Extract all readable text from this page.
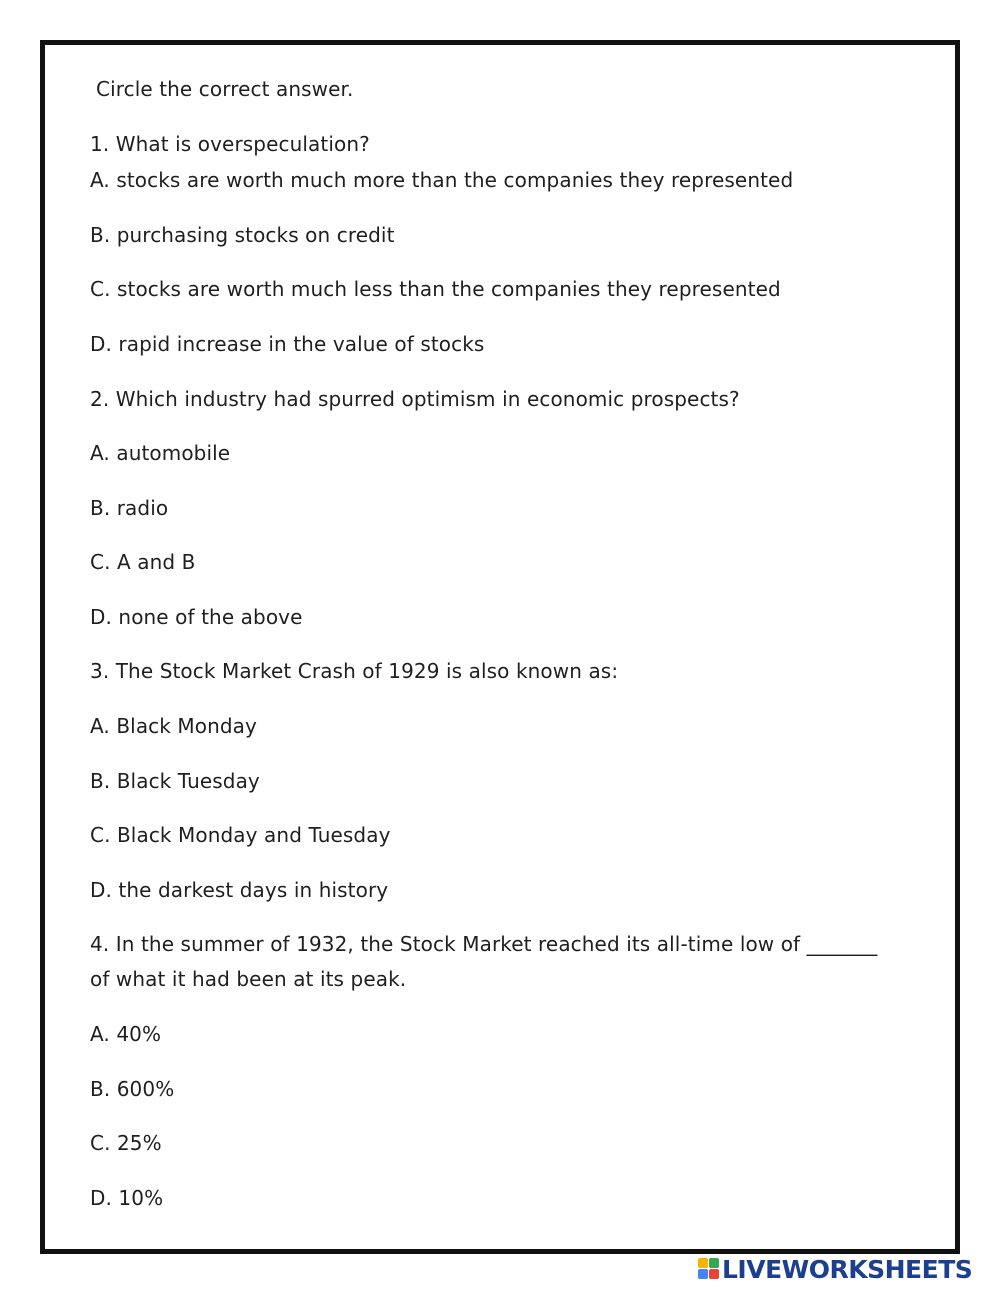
Circle the correct answer.
1. What is overspeculation?
A. stocks are worth much more than the companies they represented
B. purchasing stocks on credit
C. stocks are worth much less than the companies they represented
D. rapid increase in the value of stocks
2. Which industry had spurred optimism in economic prospects?
A. automobile
B. radio
C. A and B
D. none of the above
3. The Stock Market Crash of 1929 is also known as:
A. Black Monday
B. Black Tuesday
C. Black Monday and Tuesday
D. the darkest days in history
4. In the summer of 1932, the Stock Market reached its all-time low of _______ of what it had been at its peak.
A. 40%
B. 600%
C. 25%
D. 10%
LIVEWORKSHEETS
